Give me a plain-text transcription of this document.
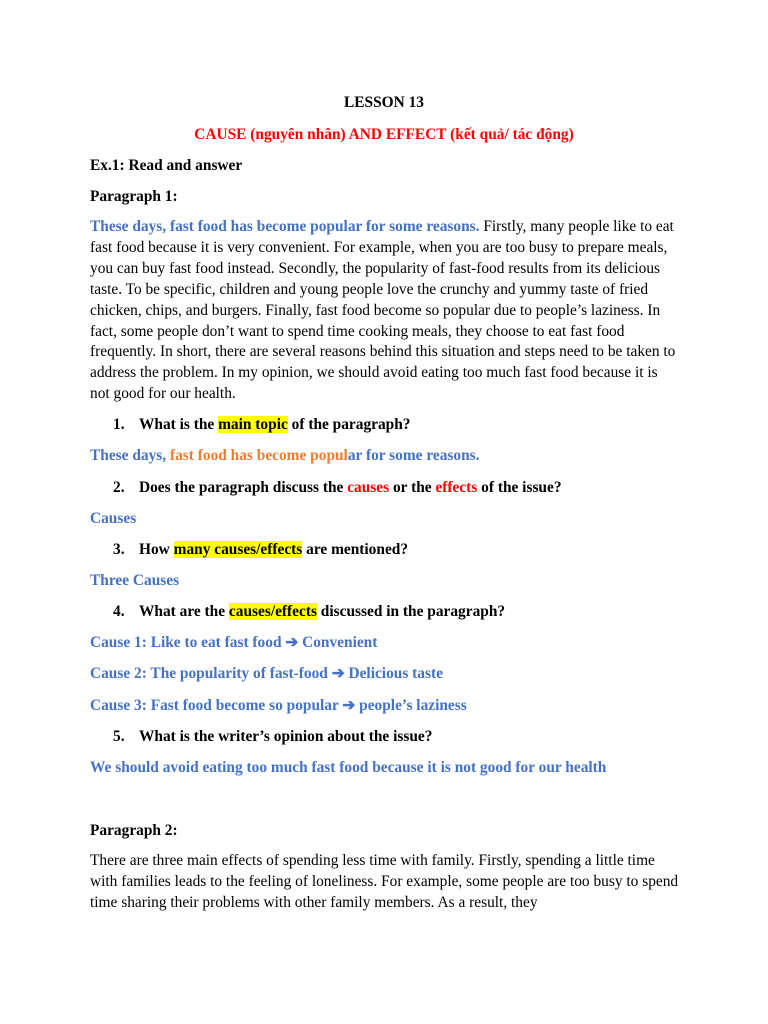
LESSON 13

CAUSE (nguyên nhân) AND EFFECT (kết quả/ tác động)

Ex.1: Read and answer

Paragraph 1:

These days, fast food has become popular for some reasons. Firstly, many people like to eat fast food because it is very convenient. For example, when you are too busy to prepare meals, you can buy fast food instead. Secondly, the popularity of fast-food results from its delicious taste. To be specific, children and young people love the crunchy and yummy taste of fried chicken, chips, and burgers. Finally, fast food become so popular due to people’s laziness. In fact, some people don’t want to spend time cooking meals, they choose to eat fast food frequently. In short, there are several reasons behind this situation and steps need to be taken to address the problem. In my opinion, we should avoid eating too much fast food because it is not good for our health.

1. What is the main topic of the paragraph?

These days, fast food has become popular for some reasons.

2. Does the paragraph discuss the causes or the effects of the issue?

Causes

3. How many causes/effects are mentioned?

Three Causes

4. What are the causes/effects discussed in the paragraph?

Cause 1: Like to eat fast food ➔ Convenient

Cause 2: The popularity of fast-food ➔ Delicious taste

Cause 3: Fast food become so popular ➔ people’s laziness

5. What is the writer’s opinion about the issue?

We should avoid eating too much fast food because it is not good for our health

Paragraph 2:

There are three main effects of spending less time with family. Firstly, spending a little time with families leads to the feeling of loneliness. For example, some people are too busy to spend time sharing their problems with other family members. As a result, they
